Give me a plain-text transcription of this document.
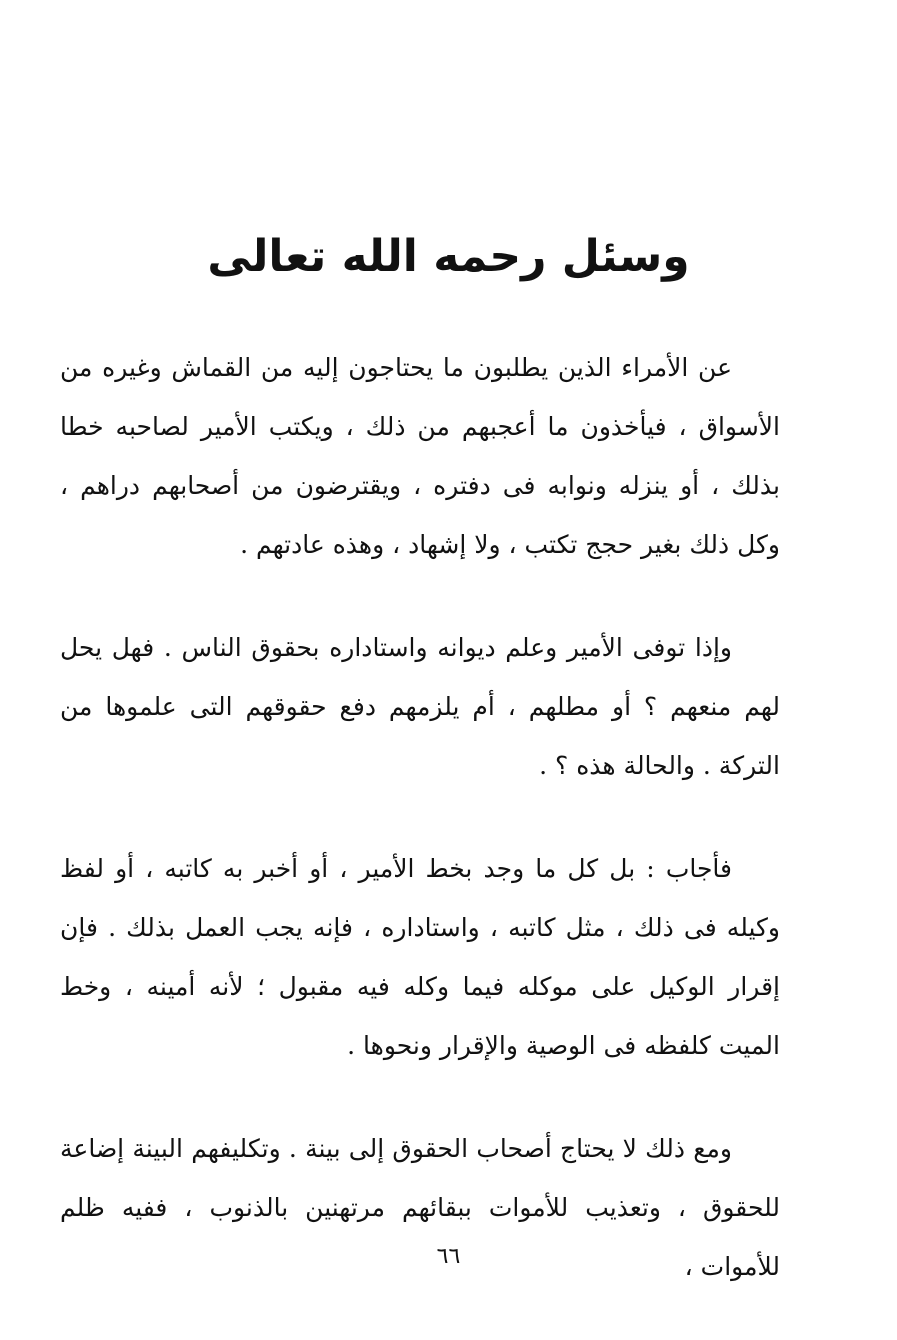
وسئل رحمه الله تعالى

عن الأمراء الذين يطلبون ما يحتاجون إليه من القماش وغيره من الأسواق ، فيأخذون ما أعجبهم من ذلك ، ويكتب الأمير لصاحبه خطا بذلك ، أو ينزله ونوابه فى دفتره ، ويقترضون من أصحابهم دراهم ، وكل ذلك بغير حجج تكتب ، ولا إشهاد ، وهذه عادتهم .

وإذا توفى الأمير وعلم ديوانه واستاداره بحقوق الناس . فهل يحل لهم منعهم ؟ أو مطلهم ، أم يلزمهم دفع حقوقهم التى علموها من التركة . والحالة هذه ؟ .

فأجاب : بل كل ما وجد بخط الأمير ، أو أخبر به كاتبه ، أو لفظ وكيله فى ذلك ، مثل كاتبه ، واستاداره ، فإنه يجب العمل بذلك . فإن إقرار الوكيل على موكله فيما وكله فيه مقبول ؛ لأنه أمينه ، وخط الميت كلفظه فى الوصية والإقرار ونحوها .

ومع ذلك لا يحتاج أصحاب الحقوق إلى بينة . وتكليفهم البينة إضاعة للحقوق ، وتعذيب للأموات ببقائهم مرتهنين بالذنوب ، ففيه ظلم للأموات ،

٦٦
